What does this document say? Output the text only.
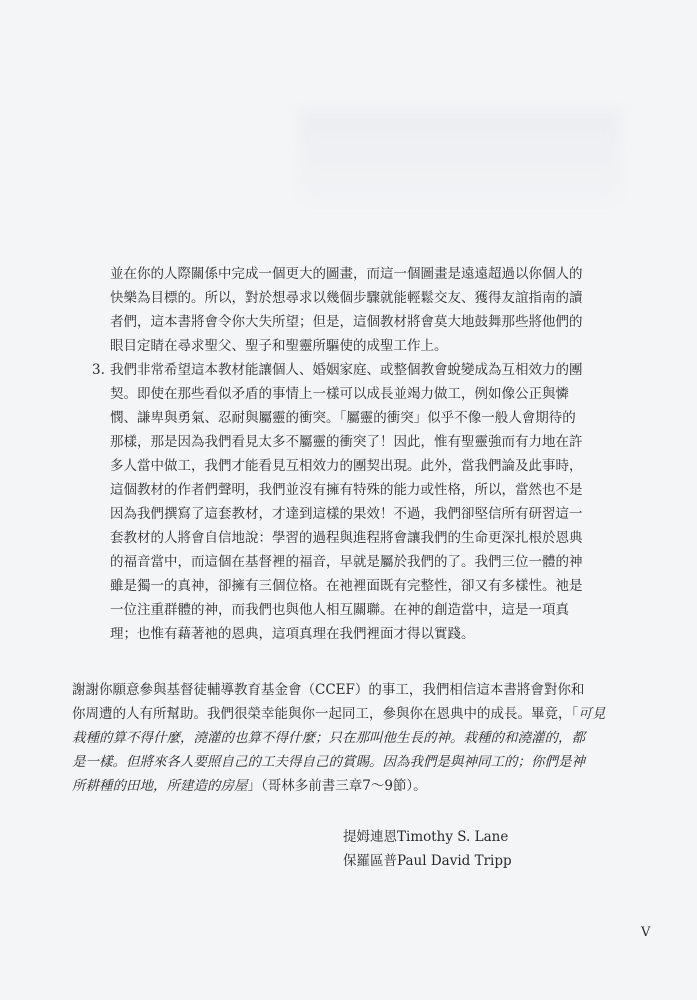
並在你的人際關係中完成一個更大的圖畫，而這一個圖畫是遠遠超過以你個人的
快樂為目標的。所以，對於想尋求以幾個步驟就能輕鬆交友、獲得友誼指南的讀
者們，這本書將會令你大失所望；但是，這個教材將會莫大地鼓舞那些將他們的
眼目定睛在尋求聖父、聖子和聖靈所驅使的成聖工作上。

3. 我們非常希望這本教材能讓個人、婚姻家庭、或整個教會蛻變成為互相效力的團
契。即使在那些看似矛盾的事情上一樣可以成長並竭力做工，例如像公正與憐
憫、謙卑與勇氣、忍耐與屬靈的衝突。「屬靈的衝突」似乎不像一般人會期待的
那樣，那是因為我們看見太多不屬靈的衝突了！因此，惟有聖靈強而有力地在許
多人當中做工，我們才能看見互相效力的團契出現。此外，當我們論及此事時，
這個教材的作者們聲明，我們並沒有擁有特殊的能力或性格，所以，當然也不是
因為我們撰寫了這套教材，才達到這樣的果效！不過，我們卻堅信所有研習這一
套教材的人將會自信地說：學習的過程與進程將會讓我們的生命更深扎根於恩典
的福音當中，而這個在基督裡的福音，早就是屬於我們的了。我們三位一體的神
雖是獨一的真神，卻擁有三個位格。在祂裡面既有完整性，卻又有多樣性。祂是
一位注重群體的神，而我們也與他人相互關聯。在神的創造當中，這是一項真
理；也惟有藉著祂的恩典，這項真理在我們裡面才得以實踐。

謝謝你願意參與基督徒輔導教育基金會（CCEF）的事工，我們相信這本書將會對你和
你周遭的人有所幫助。我們很榮幸能與你一起同工，參與你在恩典中的成長。畢竟，「可見
栽種的算不得什麼，澆灌的也算不得什麼；只在那叫他生長的神。栽種的和澆灌的，都
是一樣。但將來各人要照自己的工夫得自己的賞賜。因為我們是與神同工的；你們是神
所耕種的田地，所建造的房屋」（哥林多前書三章7～9節）。

提姆連恩Timothy S. Lane

保羅區普Paul David Tripp

V
